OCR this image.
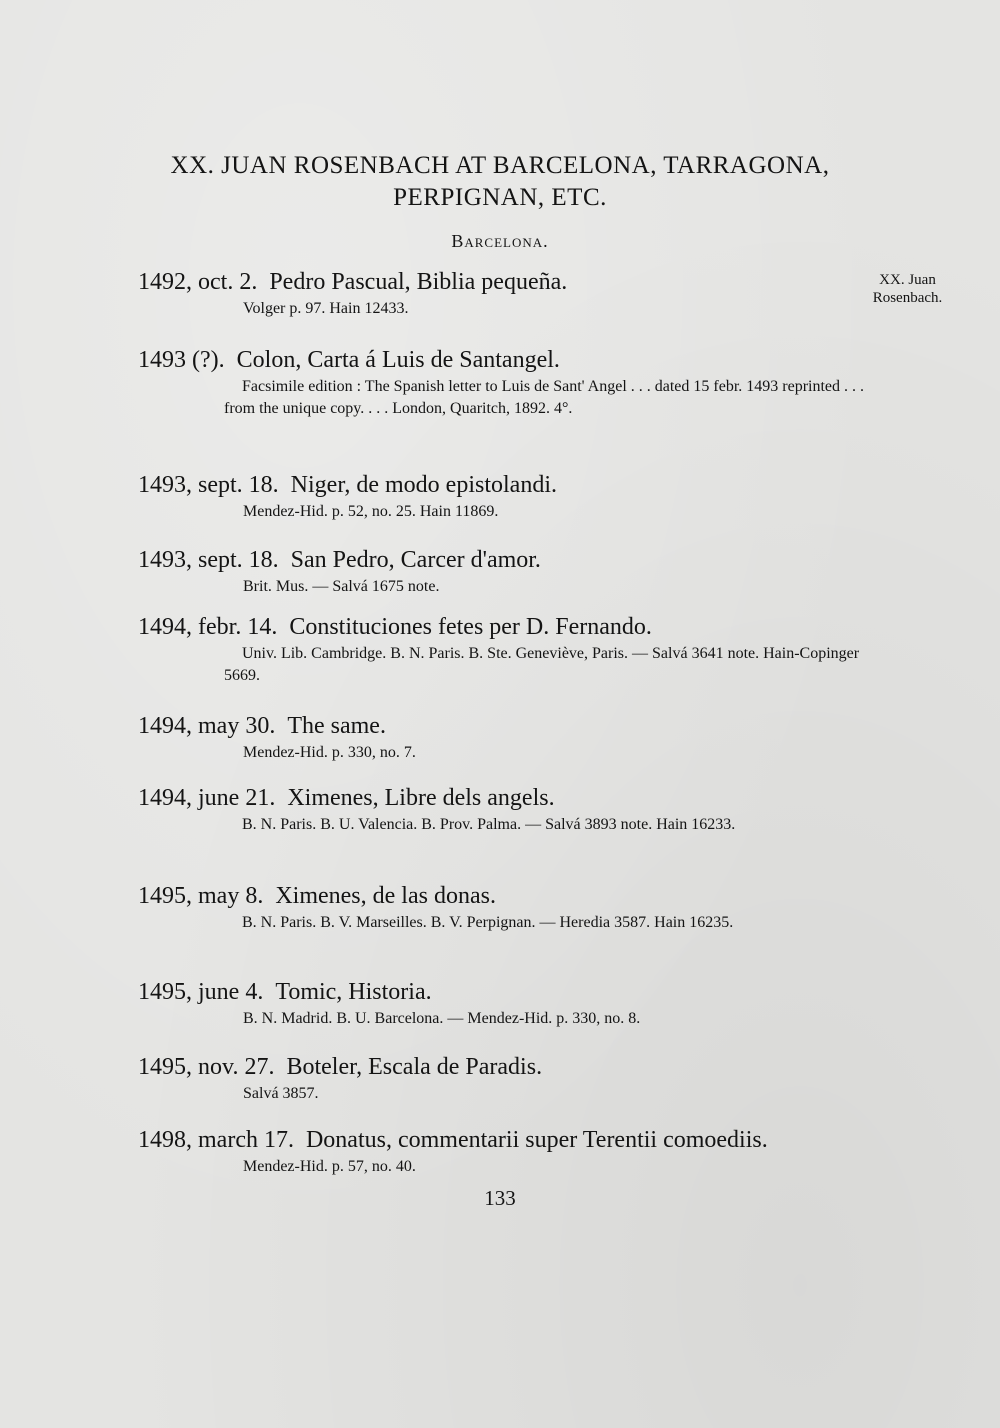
XX. JUAN ROSENBACH AT BARCELONA, TARRAGONA,
PERPIGNAN, ETC.
Barcelona.
XX. Juan
Rosenbach.
1492, oct. 2. Pedro Pascual, Biblia pequeña.
Volger p. 97. Hain 12433.
1493 (?). Colon, Carta á Luis de Santangel.
Facsimile edition : The Spanish letter to Luis de Sant' Angel . . . dated 15 febr. 1493 reprinted . . . from the unique copy. . . . London, Quaritch, 1892. 4°.
1493, sept. 18. Niger, de modo epistolandi.
Mendez-Hid. p. 52, no. 25. Hain 11869.
1493, sept. 18. San Pedro, Carcer d'amor.
Brit. Mus. — Salvá 1675 note.
1494, febr. 14. Constituciones fetes per D. Fernando.
Univ. Lib. Cambridge. B. N. Paris. B. Ste. Geneviève, Paris. — Salvá 3641 note. Hain-Copinger 5669.
1494, may 30. The same.
Mendez-Hid. p. 330, no. 7.
1494, june 21. Ximenes, Libre dels angels.
B. N. Paris. B. U. Valencia. B. Prov. Palma. — Salvá 3893 note. Hain 16233.
1495, may 8. Ximenes, de las donas.
B. N. Paris. B. V. Marseilles. B. V. Perpignan. — Heredia 3587. Hain 16235.
1495, june 4. Tomic, Historia.
B. N. Madrid. B. U. Barcelona. — Mendez-Hid. p. 330, no. 8.
1495, nov. 27. Boteler, Escala de Paradis.
Salvá 3857.
1498, march 17. Donatus, commentarii super Terentii comoediis.
Mendez-Hid. p. 57, no. 40.
133
